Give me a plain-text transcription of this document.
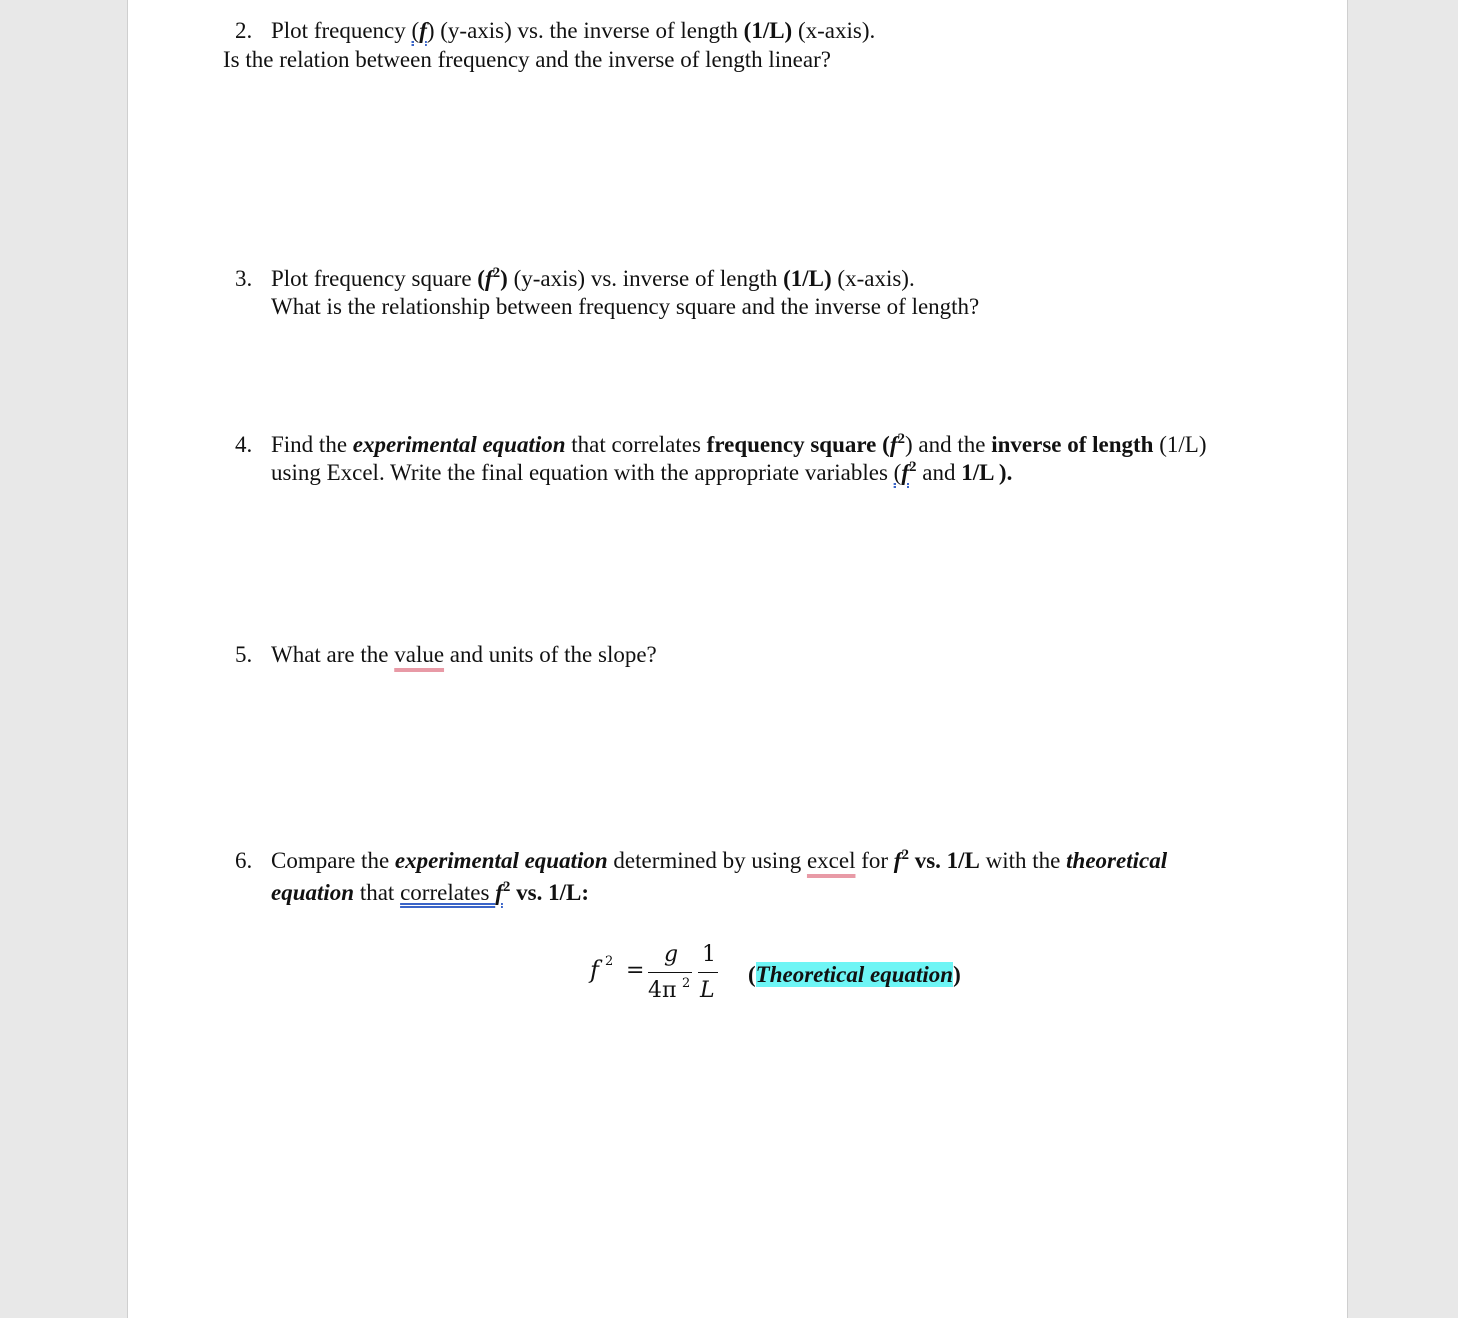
2. Plot frequency (f) (y-axis) vs. the inverse of length (1/L) (x-axis).
Is the relation between frequency and the inverse of length linear?
3. Plot frequency square $(f^2)$ (y-axis) vs. inverse of length (1/L) (x-axis).
What is the relationship between frequency square and the inverse of length?
4. Find the experimental equation that correlates frequency square $(f^2)$ and the inverse of length (1/L)
using Excel. Write the final equation with the appropriate variables ($f^2$ and 1/L ).
5. What are the value and units of the slope?
6. Compare the experimental equation determined by using excel for $f^2$ vs. 1/L with the theoretical
equation that correlates $f^2$ vs. 1/L:
f 2 =
g
4π 2
1
L
(Theoretical equation)
